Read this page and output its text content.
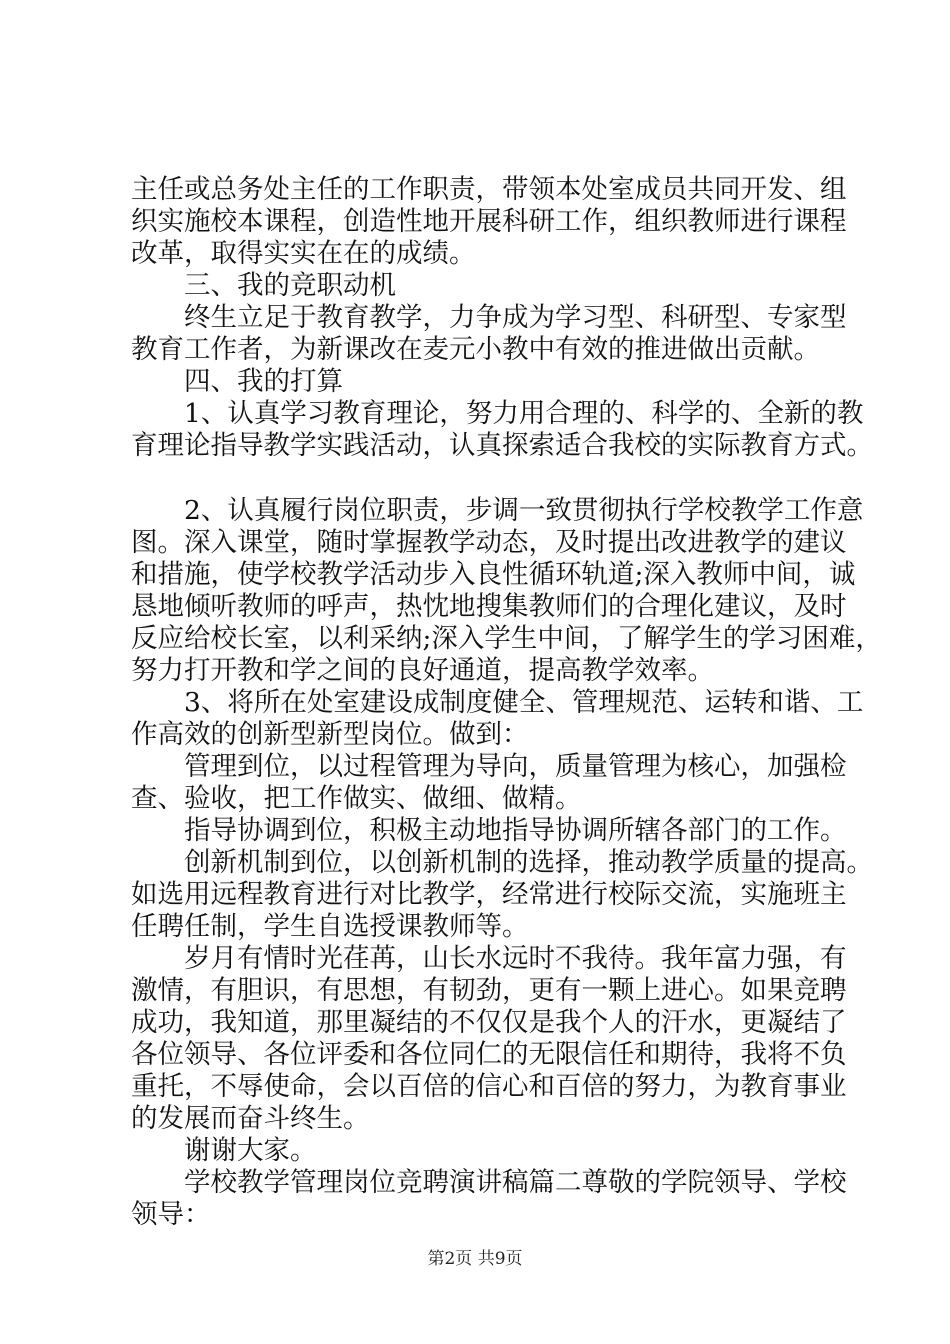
主任或总务处主任的工作职责，带领本处室成员共同开发、组
织实施校本课程，创造性地开展科研工作，组织教师进行课程
改革，取得实实在在的成绩。
　　三、我的竞职动机
　　终生立足于教育教学，力争成为学习型、科研型、专家型
教育工作者，为新课改在麦元小教中有效的推进做出贡献。
　　四、我的打算
　　1、认真学习教育理论，努力用合理的、科学的、全新的教
育理论指导教学实践活动，认真探索适合我校的实际教育方式。
　　2、认真履行岗位职责，步调一致贯彻执行学校教学工作意
图。深入课堂，随时掌握教学动态，及时提出改进教学的建议
和措施，使学校教学活动步入良性循环轨道;深入教师中间，诚
恳地倾听教师的呼声，热忱地搜集教师们的合理化建议，及时
反应给校长室，以利采纳;深入学生中间，了解学生的学习困难，
努力打开教和学之间的良好通道，提高教学效率。
　　3、将所在处室建设成制度健全、管理规范、运转和谐、工
作高效的创新型新型岗位。做到：
　　管理到位，以过程管理为导向，质量管理为核心，加强检
查、验收，把工作做实、做细、做精。
　　指导协调到位，积极主动地指导协调所辖各部门的工作。
　　创新机制到位，以创新机制的选择，推动教学质量的提高。
如选用远程教育进行对比教学，经常进行校际交流，实施班主
任聘任制，学生自选授课教师等。
　　岁月有情时光荏苒，山长水远时不我待。我年富力强，有
激情，有胆识，有思想，有韧劲，更有一颗上进心。如果竞聘
成功，我知道，那里凝结的不仅仅是我个人的汗水，更凝结了
各位领导、各位评委和各位同仁的无限信任和期待，我将不负
重托，不辱使命，会以百倍的信心和百倍的努力，为教育事业
的发展而奋斗终生。
　　谢谢大家。
　　学校教学管理岗位竞聘演讲稿篇二尊敬的学院领导、学校
领导：
第2页 共9页
